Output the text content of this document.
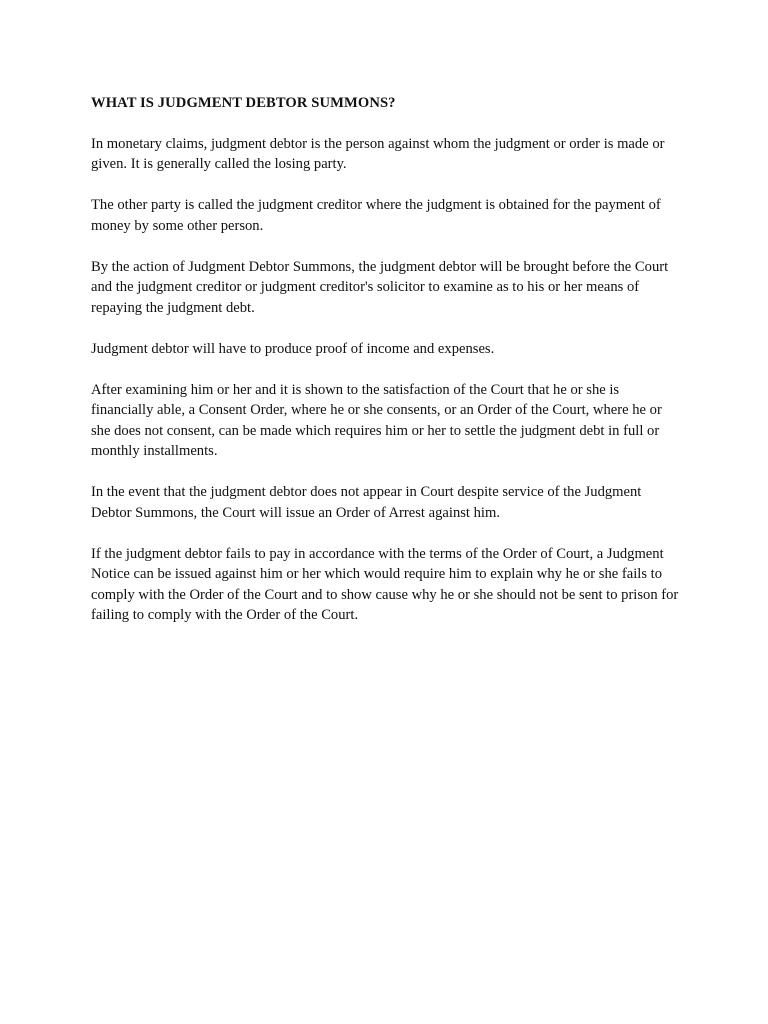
WHAT IS JUDGMENT DEBTOR SUMMONS?

In monetary claims, judgment debtor is the person against whom the judgment or order is made or given. It is generally called the losing party.

The other party is called the judgment creditor where the judgment is obtained for the payment of money by some other person.

By the action of Judgment Debtor Summons, the judgment debtor will be brought before the Court and the judgment creditor or judgment creditor's solicitor to examine as to his or her means of repaying the judgment debt.

Judgment debtor will have to produce proof of income and expenses.

After examining him or her and it is shown to the satisfaction of the Court that he or she is financially able, a Consent Order, where he or she consents, or an Order of the Court, where he or she does not consent, can be made which requires him or her to settle the judgment debt in full or monthly installments.

In the event that the judgment debtor does not appear in Court despite service of the Judgment Debtor Summons, the Court will issue an Order of Arrest against him.

If the judgment debtor fails to pay in accordance with the terms of the Order of Court, a Judgment Notice can be issued against him or her which would require him to explain why he or she fails to comply with the Order of the Court and to show cause why he or she should not be sent to prison for failing to comply with the Order of the Court.
